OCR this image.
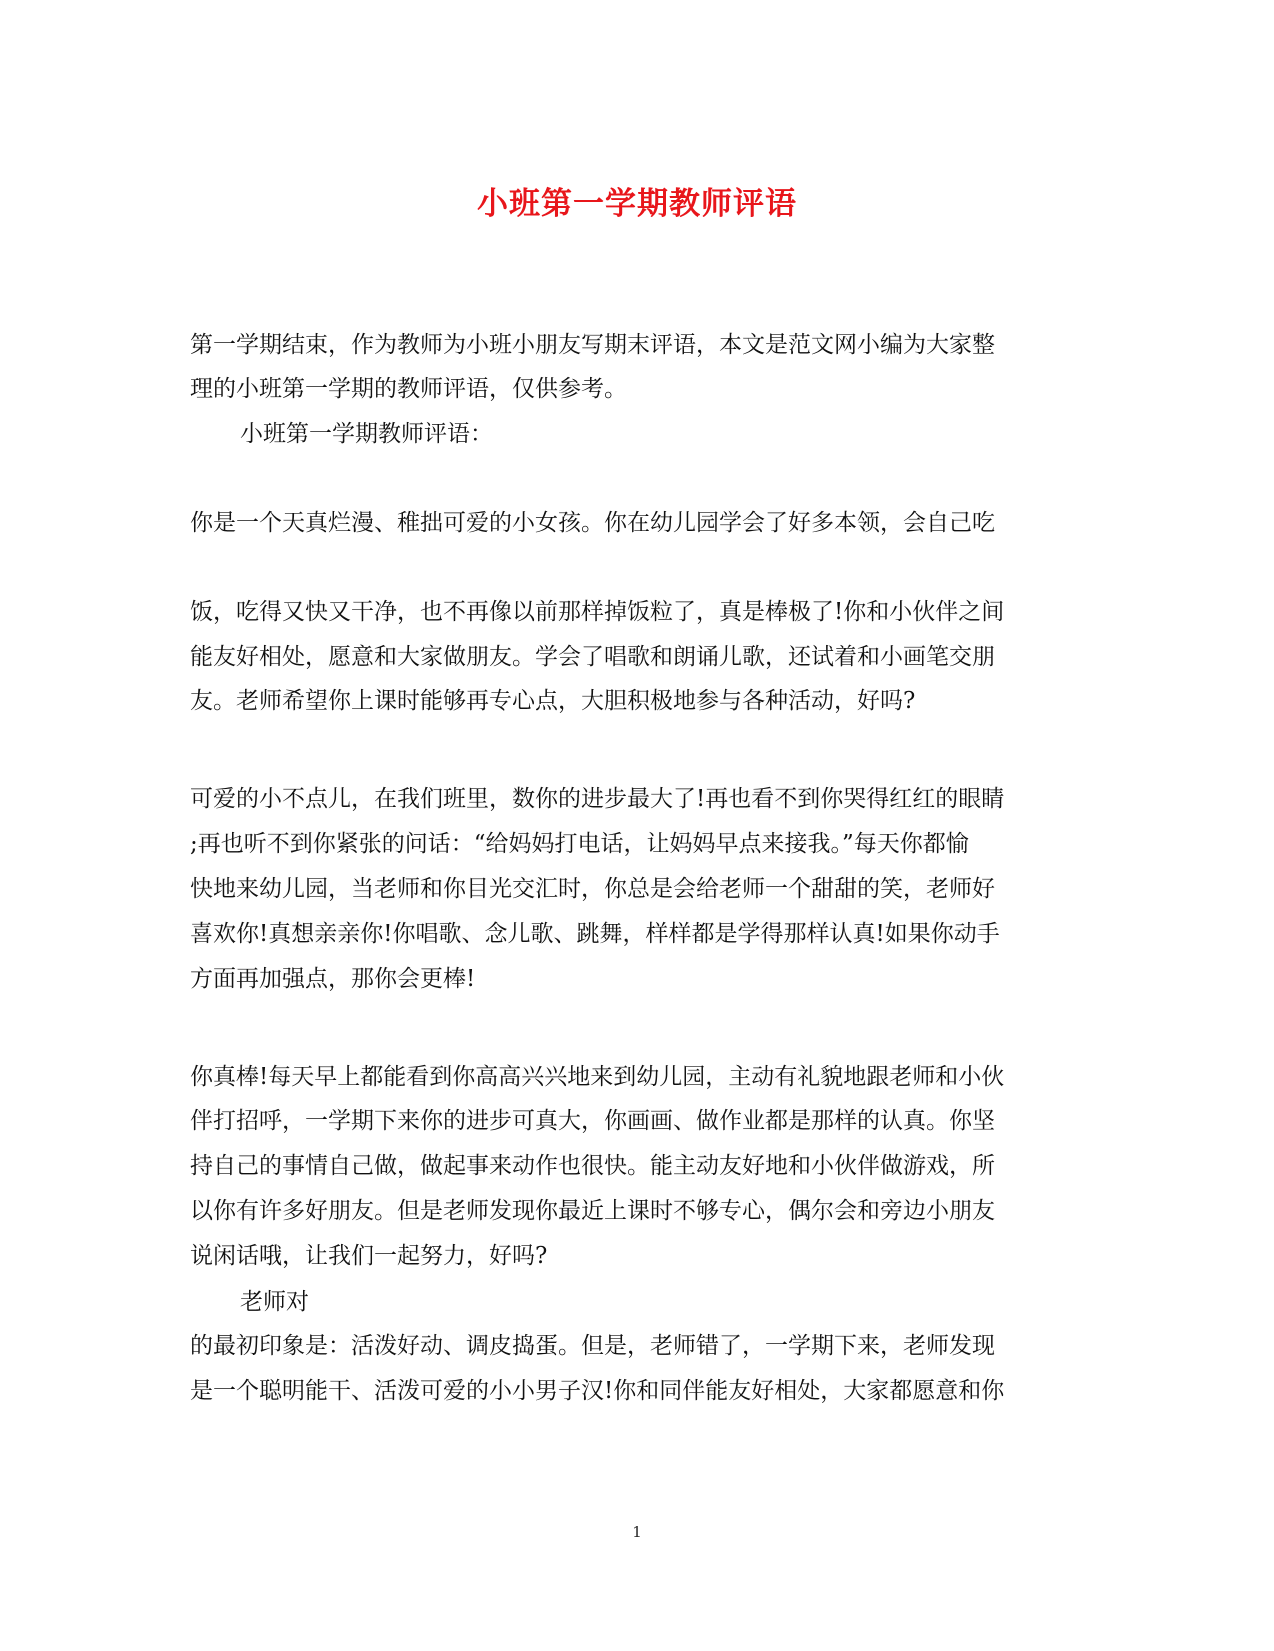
小班第一学期教师评语
第一学期结束，作为教师为小班小朋友写期末评语，本文是范文网小编为大家整
理的小班第一学期的教师评语，仅供参考。
小班第一学期教师评语：
你是一个天真烂漫、稚拙可爱的小女孩。你在幼儿园学会了好多本领，会自己吃
饭，吃得又快又干净，也不再像以前那样掉饭粒了，真是棒极了!你和小伙伴之间
能友好相处，愿意和大家做朋友。学会了唱歌和朗诵儿歌，还试着和小画笔交朋
友。老师希望你上课时能够再专心点，大胆积极地参与各种活动，好吗?
可爱的小不点儿，在我们班里，数你的进步最大了!再也看不到你哭得红红的眼睛
;再也听不到你紧张的问话：“给妈妈打电话，让妈妈早点来接我。”每天你都愉
快地来幼儿园，当老师和你目光交汇时，你总是会给老师一个甜甜的笑，老师好
喜欢你!真想亲亲你!你唱歌、念儿歌、跳舞，样样都是学得那样认真!如果你动手
方面再加强点，那你会更棒!
你真棒!每天早上都能看到你高高兴兴地来到幼儿园，主动有礼貌地跟老师和小伙
伴打招呼，一学期下来你的进步可真大，你画画、做作业都是那样的认真。你坚
持自己的事情自己做，做起事来动作也很快。能主动友好地和小伙伴做游戏，所
以你有许多好朋友。但是老师发现你最近上课时不够专心，偶尔会和旁边小朋友
说闲话哦，让我们一起努力，好吗?
老师对
的最初印象是：活泼好动、调皮捣蛋。但是，老师错了，一学期下来，老师发现
是一个聪明能干、活泼可爱的小小男子汉!你和同伴能友好相处，大家都愿意和你
1
